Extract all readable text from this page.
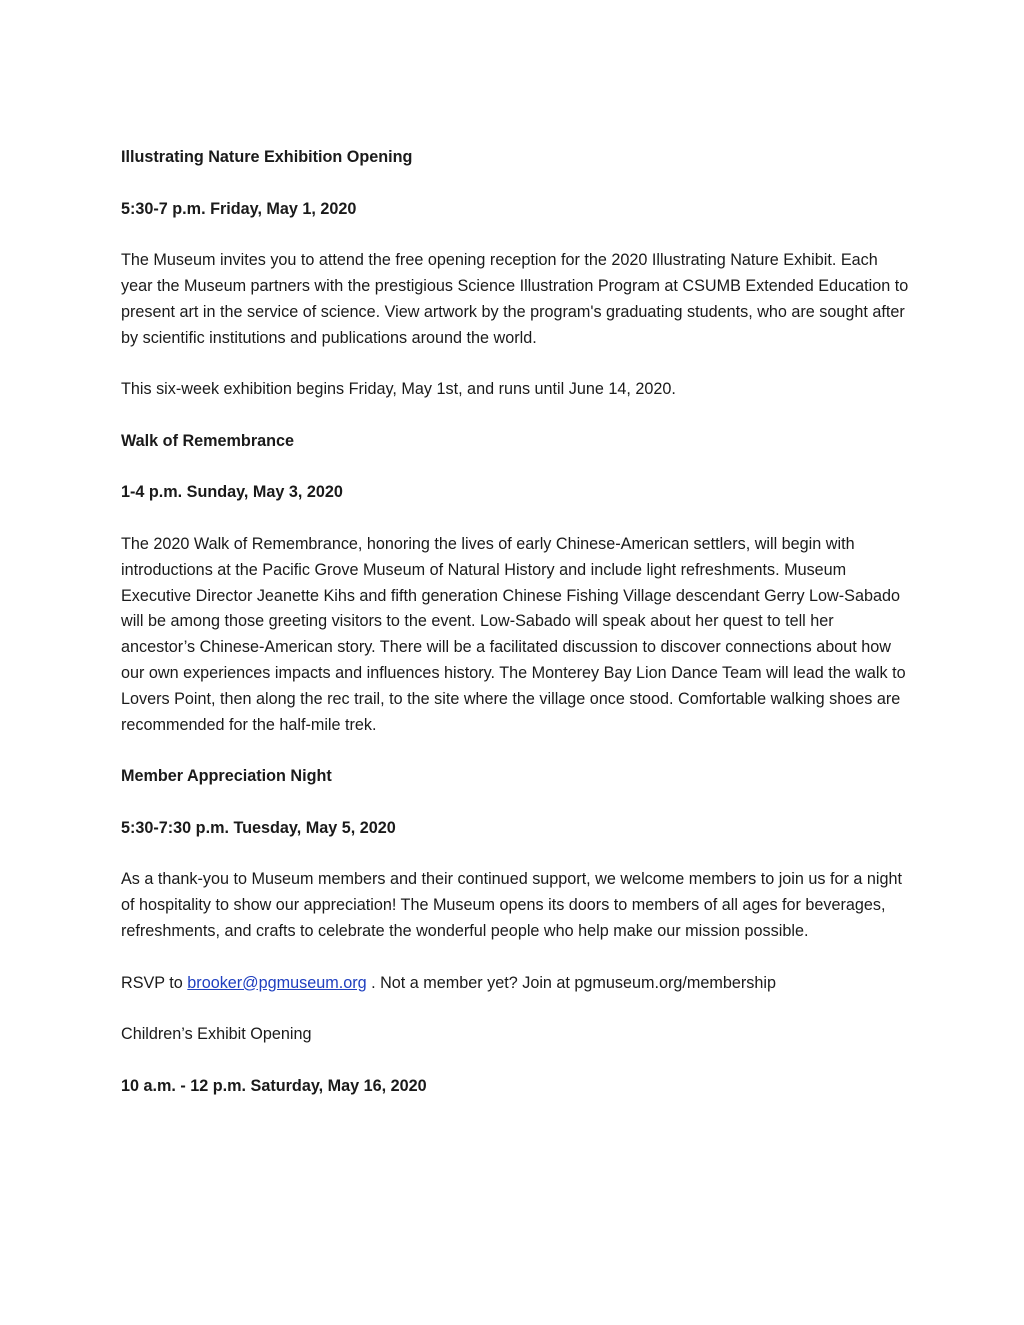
Illustrating Nature Exhibition Opening

5:30-7 p.m. Friday, May 1, 2020

The Museum invites you to attend the free opening reception for the 2020 Illustrating Nature Exhibit. Each year the Museum partners with the prestigious Science Illustration Program at CSUMB Extended Education to present art in the service of science. View artwork by the program's graduating students, who are sought after by scientific institutions and publications around the world.

This six-week exhibition begins Friday, May 1st, and runs until June 14, 2020.

Walk of Remembrance

1-4 p.m. Sunday, May 3, 2020

The 2020 Walk of Remembrance, honoring the lives of early Chinese-American settlers, will begin with introductions at the Pacific Grove Museum of Natural History and include light refreshments. Museum Executive Director Jeanette Kihs and fifth generation Chinese Fishing Village descendant Gerry Low-Sabado will be among those greeting visitors to the event. Low-Sabado will speak about her quest to tell her ancestor’s Chinese-American story. There will be a facilitated discussion to discover connections about how our own experiences impacts and influences history. The Monterey Bay Lion Dance Team will lead the walk to Lovers Point, then along the rec trail, to the site where the village once stood. Comfortable walking shoes are recommended for the half-mile trek.

Member Appreciation Night

5:30-7:30 p.m. Tuesday, May 5, 2020

As a thank-you to Museum members and their continued support, we welcome members to join us for a night of hospitality to show our appreciation! The Museum opens its doors to members of all ages for beverages, refreshments, and crafts to celebrate the wonderful people who help make our mission possible.

RSVP to brooker@pgmuseum.org . Not a member yet? Join at pgmuseum.org/membership

Children’s Exhibit Opening

10 a.m. - 12 p.m. Saturday, May 16, 2020
